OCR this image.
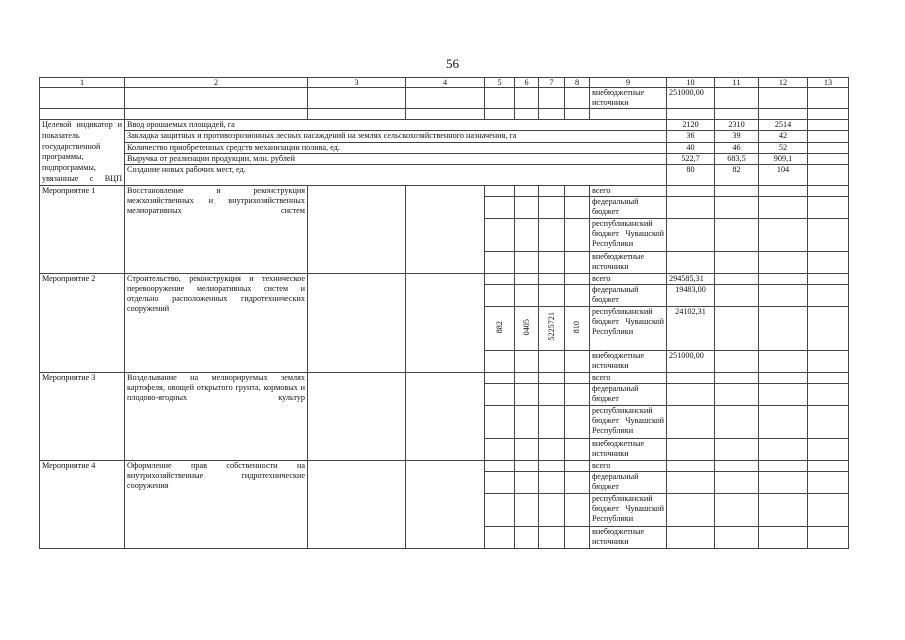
56
1	2	3	4	5	6	7	8	9	10	11	12	13
								внебюджетные источники	251000,00			

Целевой индикатор и показатель государственной программы, подпрограммы, увязанные с ВЦП	Ввод орошаемых площадей, га								2120	2310	2514	
	Закладка защитных и противоэрозионных лесных насаждений на землях сельскохозяйственного назначения, га								36	39	42	
	Количество приобретенных средств механизации полива, ед.								40	46	52	
	Выручка от реализации продукции, млн. рублей								522,7	683,5	909,1	
	Создание новых рабочих мест, ед.								80	82	104	
Мероприятие 1	Восстановление и реконструкция межхозяйственных и внутрихозяйственных мелиоративных систем							всего				
								федеральный бюджет				
								республиканский бюджет Чувашской Республики				
								внебюджетные источники				
Мероприятие 2	Строительство, реконструкция и техническое перевооружение мелиоративных систем и отдельно расположенных гидротехнических сооружений							всего	294585,31			
								федеральный бюджет	19483,00			
				882	0405	5225721	810	республиканский бюджет Чувашской Республики	24102,31			
								внебюджетные источники	251000,00			
Мероприятие 3	Возделывание на мелиорируемых землях картофеля, овощей открытого грунта, кормовых и плодово-ягодных культур							всего				
								федеральный бюджет				
								республиканский бюджет Чувашской Республики				
								внебюджетные источники				
Мероприятие 4	Оформление прав собственности на внутрихозяйственные гидротехнические сооружения							всего				
								федеральный бюджет				
								республиканский бюджет Чувашской Республики				
								внебюджетные источники				
